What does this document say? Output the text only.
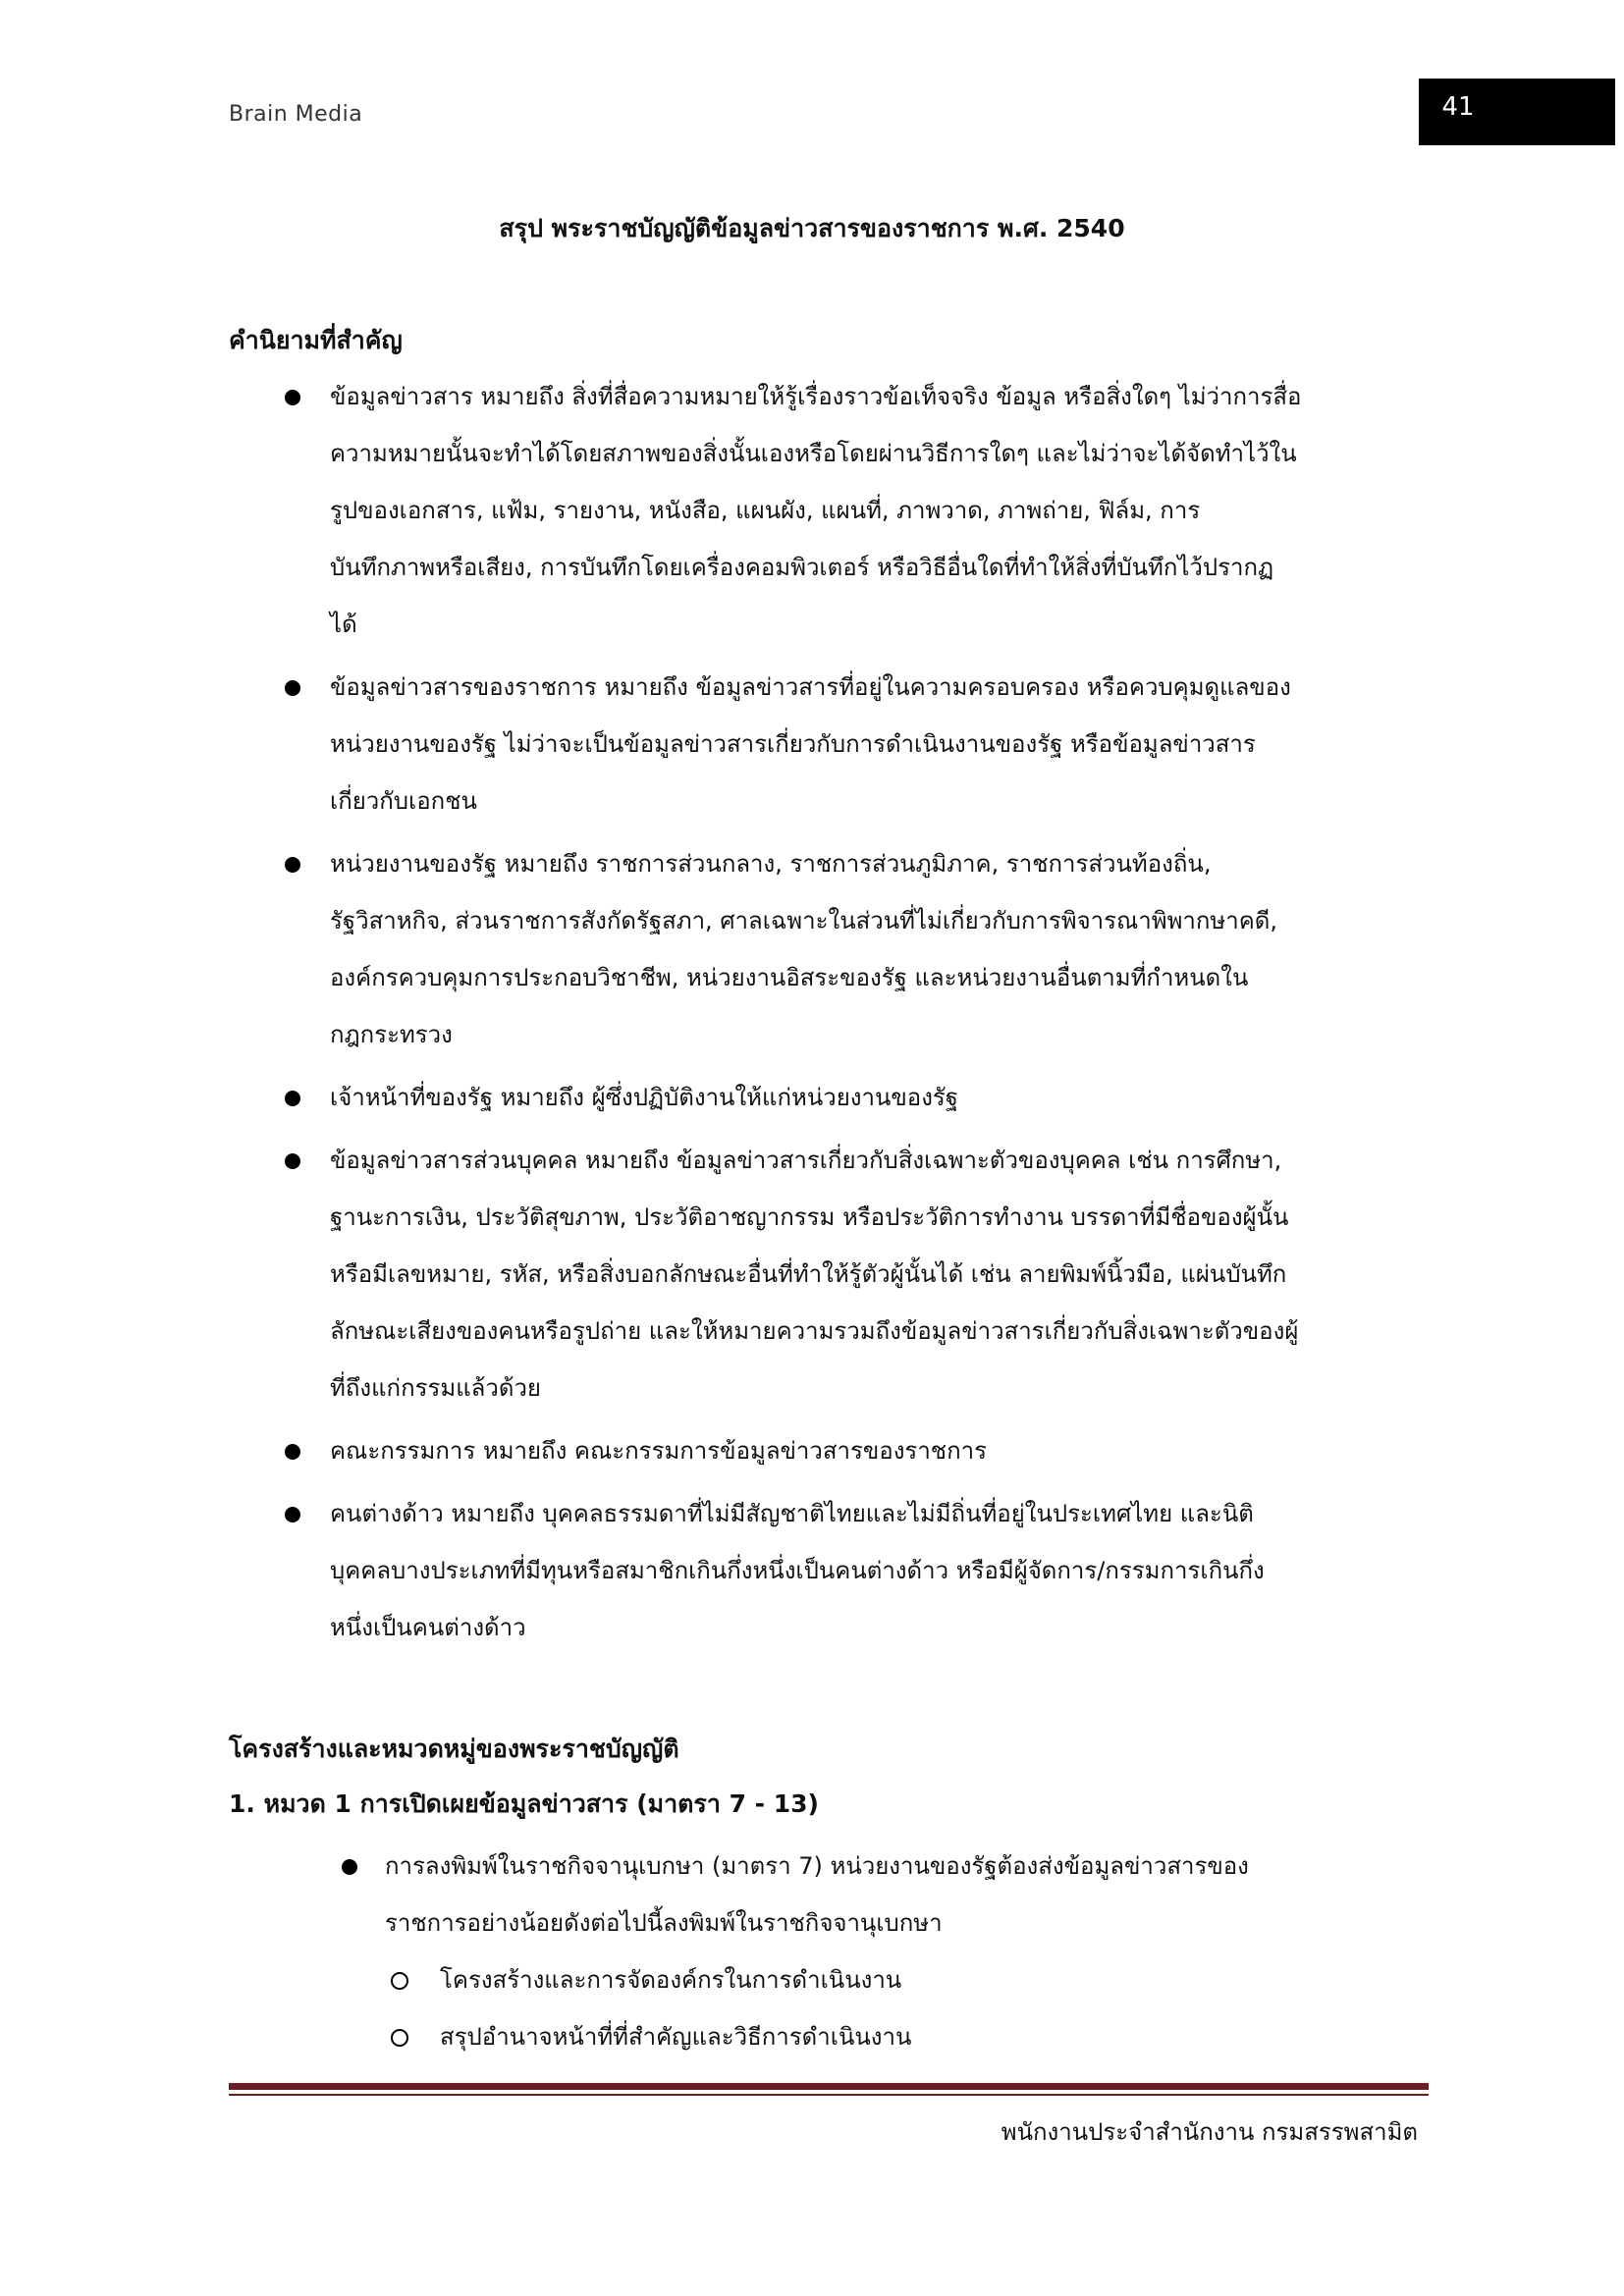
Brain Media	41
สรุป พระราชบัญญัติข้อมูลข่าวสารของราชการ พ.ศ. 2540
คำนิยามที่สำคัญ
ข้อมูลข่าวสาร หมายถึง สิ่งที่สื่อความหมายให้รู้เรื่องราวข้อเท็จจริง ข้อมูล หรือสิ่งใดๆ ไม่ว่าการสื่อ
ความหมายนั้นจะทำได้โดยสภาพของสิ่งนั้นเองหรือโดยผ่านวิธีการใดๆ และไม่ว่าจะได้จัดทำไว้ใน
รูปของเอกสาร, แฟ้ม, รายงาน, หนังสือ, แผนผัง, แผนที่, ภาพวาด, ภาพถ่าย, ฟิล์ม, การ
บันทึกภาพหรือเสียง, การบันทึกโดยเครื่องคอมพิวเตอร์ หรือวิธีอื่นใดที่ทำให้สิ่งที่บันทึกไว้ปรากฏ
ได้
ข้อมูลข่าวสารของราชการ หมายถึง ข้อมูลข่าวสารที่อยู่ในความครอบครอง หรือควบคุมดูแลของ
หน่วยงานของรัฐ ไม่ว่าจะเป็นข้อมูลข่าวสารเกี่ยวกับการดำเนินงานของรัฐ หรือข้อมูลข่าวสาร
เกี่ยวกับเอกชน
หน่วยงานของรัฐ หมายถึง ราชการส่วนกลาง, ราชการส่วนภูมิภาค, ราชการส่วนท้องถิ่น,
รัฐวิสาหกิจ, ส่วนราชการสังกัดรัฐสภา, ศาลเฉพาะในส่วนที่ไม่เกี่ยวกับการพิจารณาพิพากษาคดี,
องค์กรควบคุมการประกอบวิชาชีพ, หน่วยงานอิสระของรัฐ และหน่วยงานอื่นตามที่กำหนดใน
กฎกระทรวง
เจ้าหน้าที่ของรัฐ หมายถึง ผู้ซึ่งปฏิบัติงานให้แก่หน่วยงานของรัฐ
ข้อมูลข่าวสารส่วนบุคคล หมายถึง ข้อมูลข่าวสารเกี่ยวกับสิ่งเฉพาะตัวของบุคคล เช่น การศึกษา,
ฐานะการเงิน, ประวัติสุขภาพ, ประวัติอาชญากรรม หรือประวัติการทำงาน บรรดาที่มีชื่อของผู้นั้น
หรือมีเลขหมาย, รหัส, หรือสิ่งบอกลักษณะอื่นที่ทำให้รู้ตัวผู้นั้นได้ เช่น ลายพิมพ์นิ้วมือ, แผ่นบันทึก
ลักษณะเสียงของคนหรือรูปถ่าย และให้หมายความรวมถึงข้อมูลข่าวสารเกี่ยวกับสิ่งเฉพาะตัวของผู้
ที่ถึงแก่กรรมแล้วด้วย
คณะกรรมการ หมายถึง คณะกรรมการข้อมูลข่าวสารของราชการ
คนต่างด้าว หมายถึง บุคคลธรรมดาที่ไม่มีสัญชาติไทยและไม่มีถิ่นที่อยู่ในประเทศไทย และนิติ
บุคคลบางประเภทที่มีทุนหรือสมาชิกเกินกึ่งหนึ่งเป็นคนต่างด้าว หรือมีผู้จัดการ/กรรมการเกินกึ่ง
หนึ่งเป็นคนต่างด้าว
โครงสร้างและหมวดหมู่ของพระราชบัญญัติ
1. หมวด 1 การเปิดเผยข้อมูลข่าวสาร (มาตรา 7 - 13)
การลงพิมพ์ในราชกิจจานุเบกษา (มาตรา 7) หน่วยงานของรัฐต้องส่งข้อมูลข่าวสารของ
ราชการอย่างน้อยดังต่อไปนี้ลงพิมพ์ในราชกิจจานุเบกษา
โครงสร้างและการจัดองค์กรในการดำเนินงาน
สรุปอำนาจหน้าที่ที่สำคัญและวิธีการดำเนินงาน
พนักงานประจำสำนักงาน กรมสรรพสามิต
